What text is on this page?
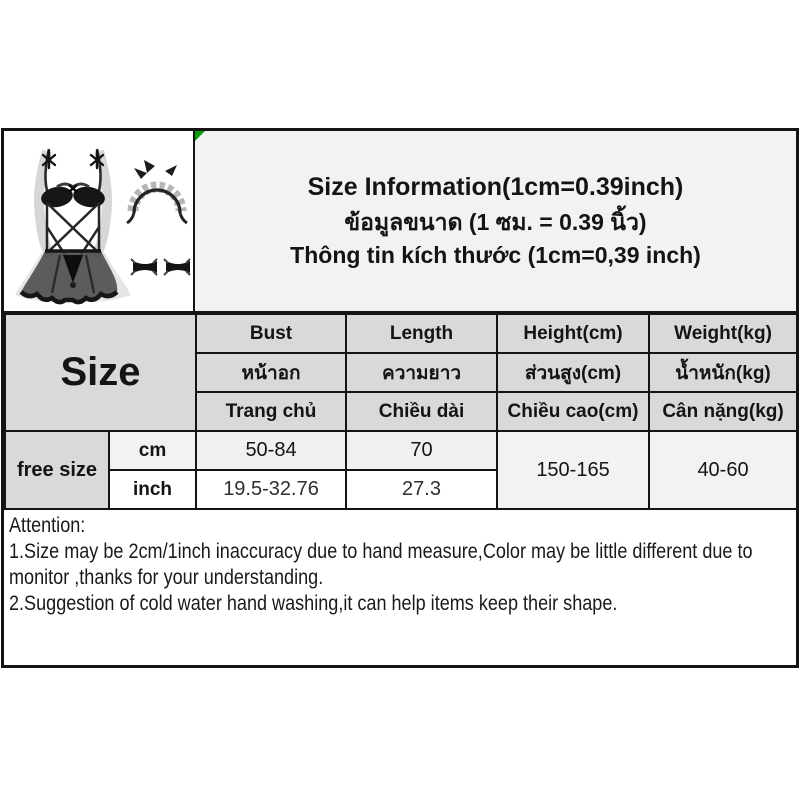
Size Information(1cm=0.39inch)
ข้อมูลขนาด (1 ซม. = 0.39 นิ้ว)
Thông tin kích thước (1cm=0,39 inch)
Size		Bust	Length	Height(cm)	Weight(kg)
		หน้าอก	ความยาว	ส่วนสูง(cm)	น้ำหนัก(kg)
		Trang chủ	Chiều dài	Chiều cao(cm)	Cân nặng(kg)
free size	cm	50-84	70	150-165	40-60
	inch	19.5-32.76	27.3		
Attention:
1.Size may be 2cm/1inch inaccuracy due to hand measure,Color may be little different due to monitor ,thanks for your understanding.
2.Suggestion of cold water hand washing,it can help items keep their shape.
